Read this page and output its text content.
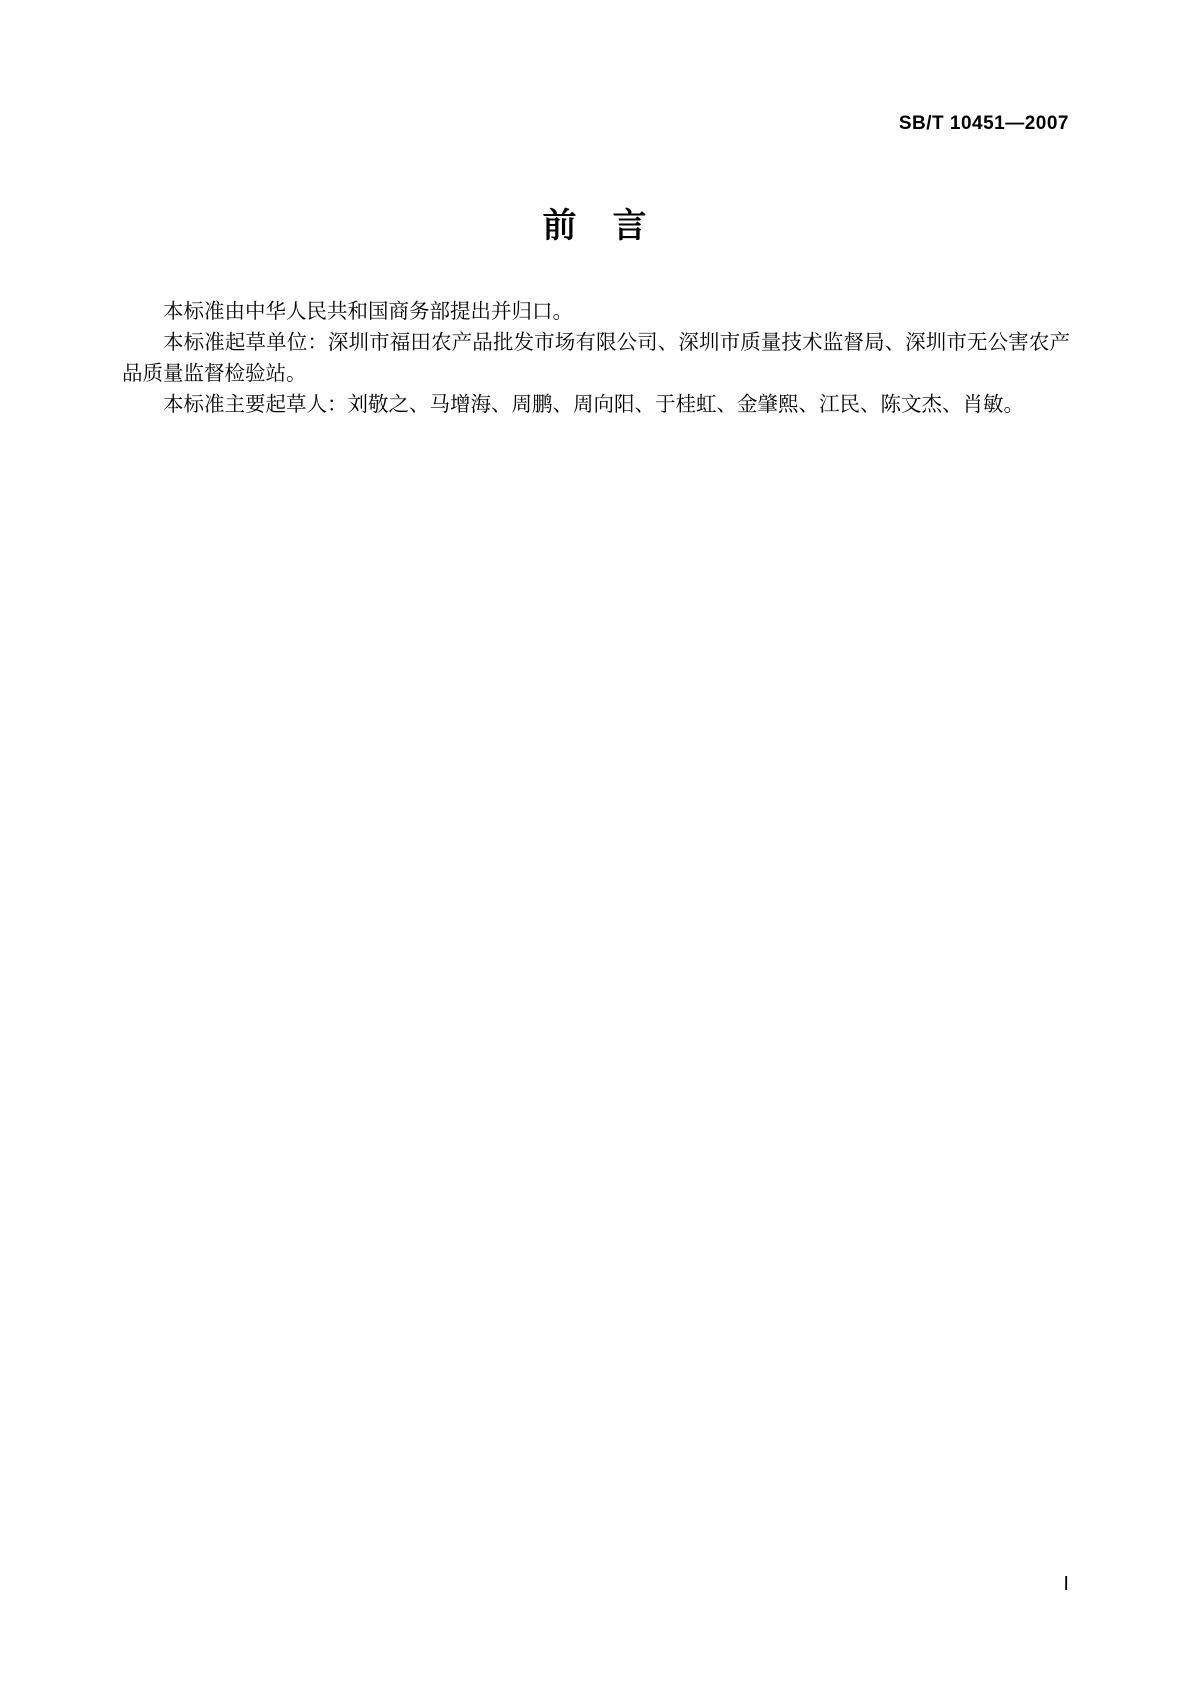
SB/T 10451—2007
前 言

本标准由中华人民共和国商务部提出并归口。

本标准起草单位：深圳市福田农产品批发市场有限公司、深圳市质量技术监督局、深圳市无公害农产品质量监督检验站。

本标准主要起草人：刘敬之、马增海、周鹏、周向阳、于桂虹、金肇熙、江民、陈文杰、肖敏。

Ⅰ
